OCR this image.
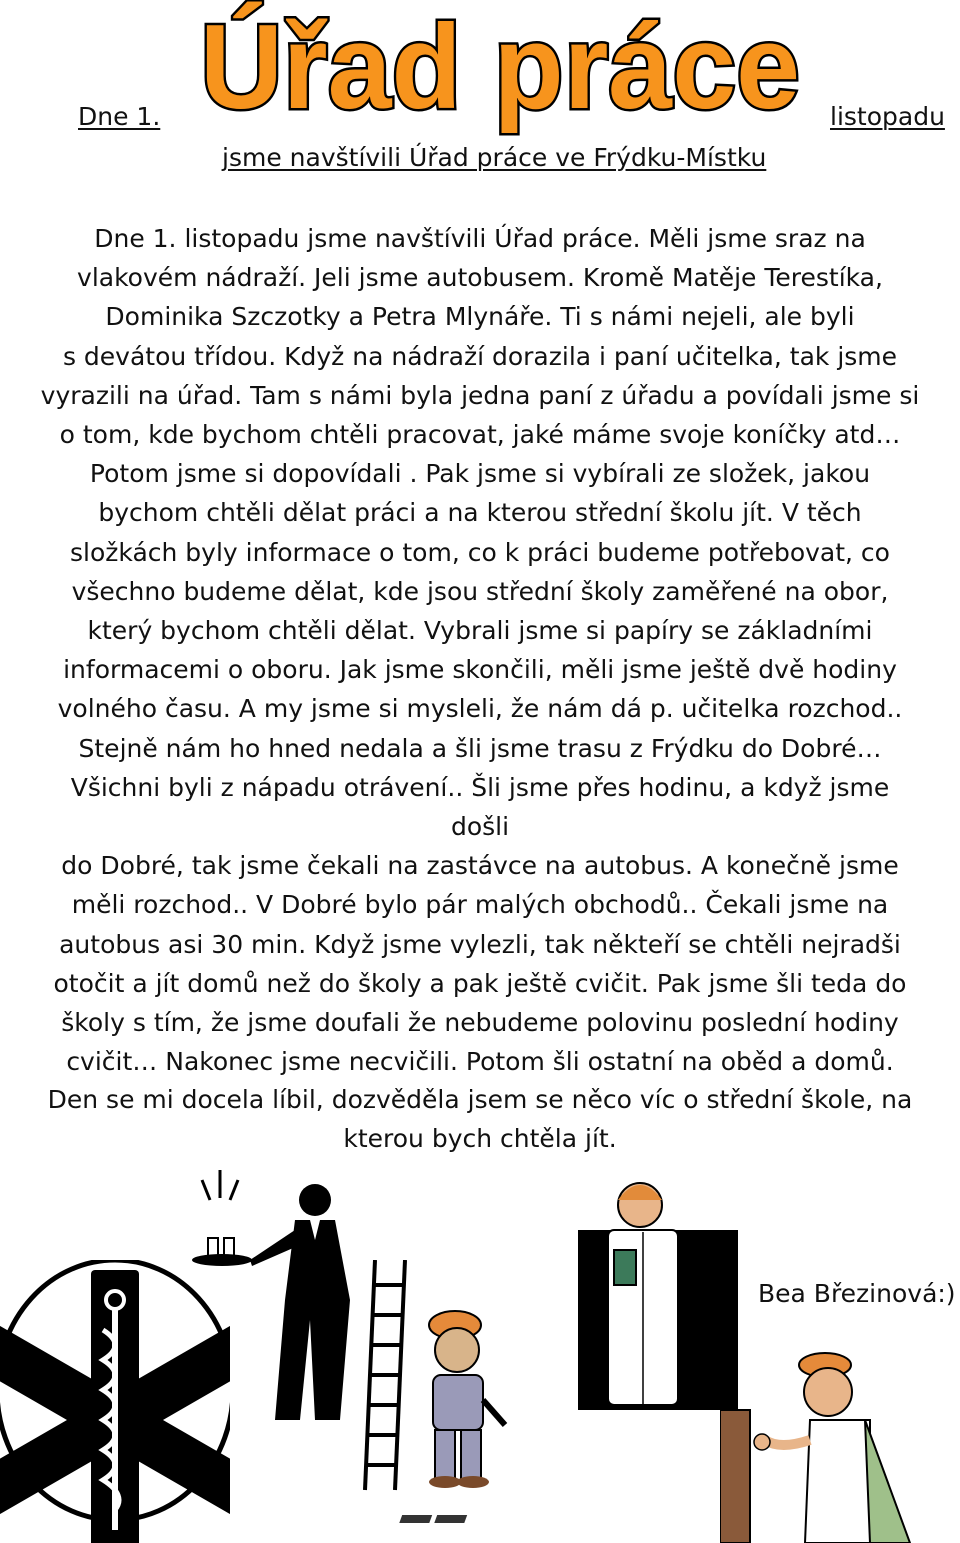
Dne 1. Úřad práce listopadu
jsme navštívili Úřad práce ve Frýdku-Místku
Dne 1. listopadu jsme navštívili Úřad práce. Měli jsme sraz na
vlakovém nádraží. Jeli jsme autobusem. Kromě Matěje Terestíka,
Dominika Szczotky a Petra Mlynáře. Ti s námi nejeli, ale byli
s devátou třídou. Když na nádraží dorazila i paní učitelka, tak jsme
vyrazili na úřad. Tam s námi byla jedna paní z úřadu a povídali jsme si
o tom, kde bychom chtěli pracovat, jaké máme svoje koníčky atd…
Potom jsme si dopovídali . Pak jsme si vybírali ze složek, jakou
bychom chtěli dělat práci a na kterou střední školu jít. V těch
složkách byly informace o tom, co k práci budeme potřebovat, co
všechno budeme dělat, kde jsou střední školy zaměřené na obor,
který bychom chtěli dělat. Vybrali jsme si papíry se základními
informacemi o oboru. Jak jsme skončili, měli jsme ještě dvě hodiny
volného času. A my jsme si mysleli, že nám dá p. učitelka rozchod..
Stejně nám ho hned nedala a šli jsme trasu z Frýdku do Dobré…
Všichni byli z nápadu otrávení.. Šli jsme přes hodinu, a když jsme došli
do Dobré, tak jsme čekali na zastávce na autobus. A konečně jsme
měli rozchod.. V Dobré bylo pár malých obchodů.. Čekali jsme na
autobus asi 30 min. Když jsme vylezli, tak někteří se chtěli nejradši
otočit a jít domů než do školy a pak ještě cvičit. Pak jsme šli teda do
školy s tím, že jsme doufali že nebudeme polovinu poslední hodiny
cvičit… Nakonec jsme necvičili. Potom šli ostatní na oběd a domů.
Den se mi docela líbil, dozvěděla jsem se něco víc o střední škole, na
kterou bych chtěla jít.
Bea Březinová:)
